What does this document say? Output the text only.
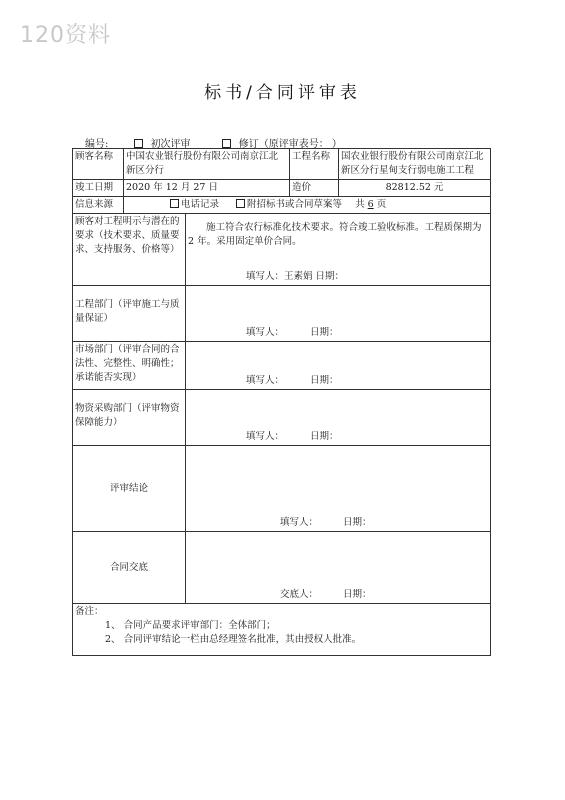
120资料
标书/合同评审表
编号:	初次评审	修订（原评审表号： ）
顾客名称	中国农业银行股份有限公司南京江北新区分行		工程名称	国农业银行股份有限公司南京江北新区分行星甸支行弱电施工工程
竣工日期	2020 年 12 月 27 日		造价	82812.52 元
信息来源	电话记录 附招标书或合同草案等 共 6 页			
顾客对工程明示与潜在的要求（技术要求、质量要求、支持服务、价格等）		施工符合农行标准化技术要求。符合竣工验收标准。工程质保期为 2 年。采用固定单价合同。
填写人：王素娟 日期：		

工程部门（评审施工与质量保证）		填写人： 日期：		

市场部门（评审合同的合法性、完整性、明确性；承诺能否实现）		填写人： 日期：		

物资采购部门（评审物资保障能力）		填写人： 日期：		

评审结论		填写人： 日期：		

合同交底		交底人： 日期：		

备注：
1、 合同产品要求评审部门：全体部门；
2、 合同评审结论一栏由总经理签名批准，其由授权人批准。				
